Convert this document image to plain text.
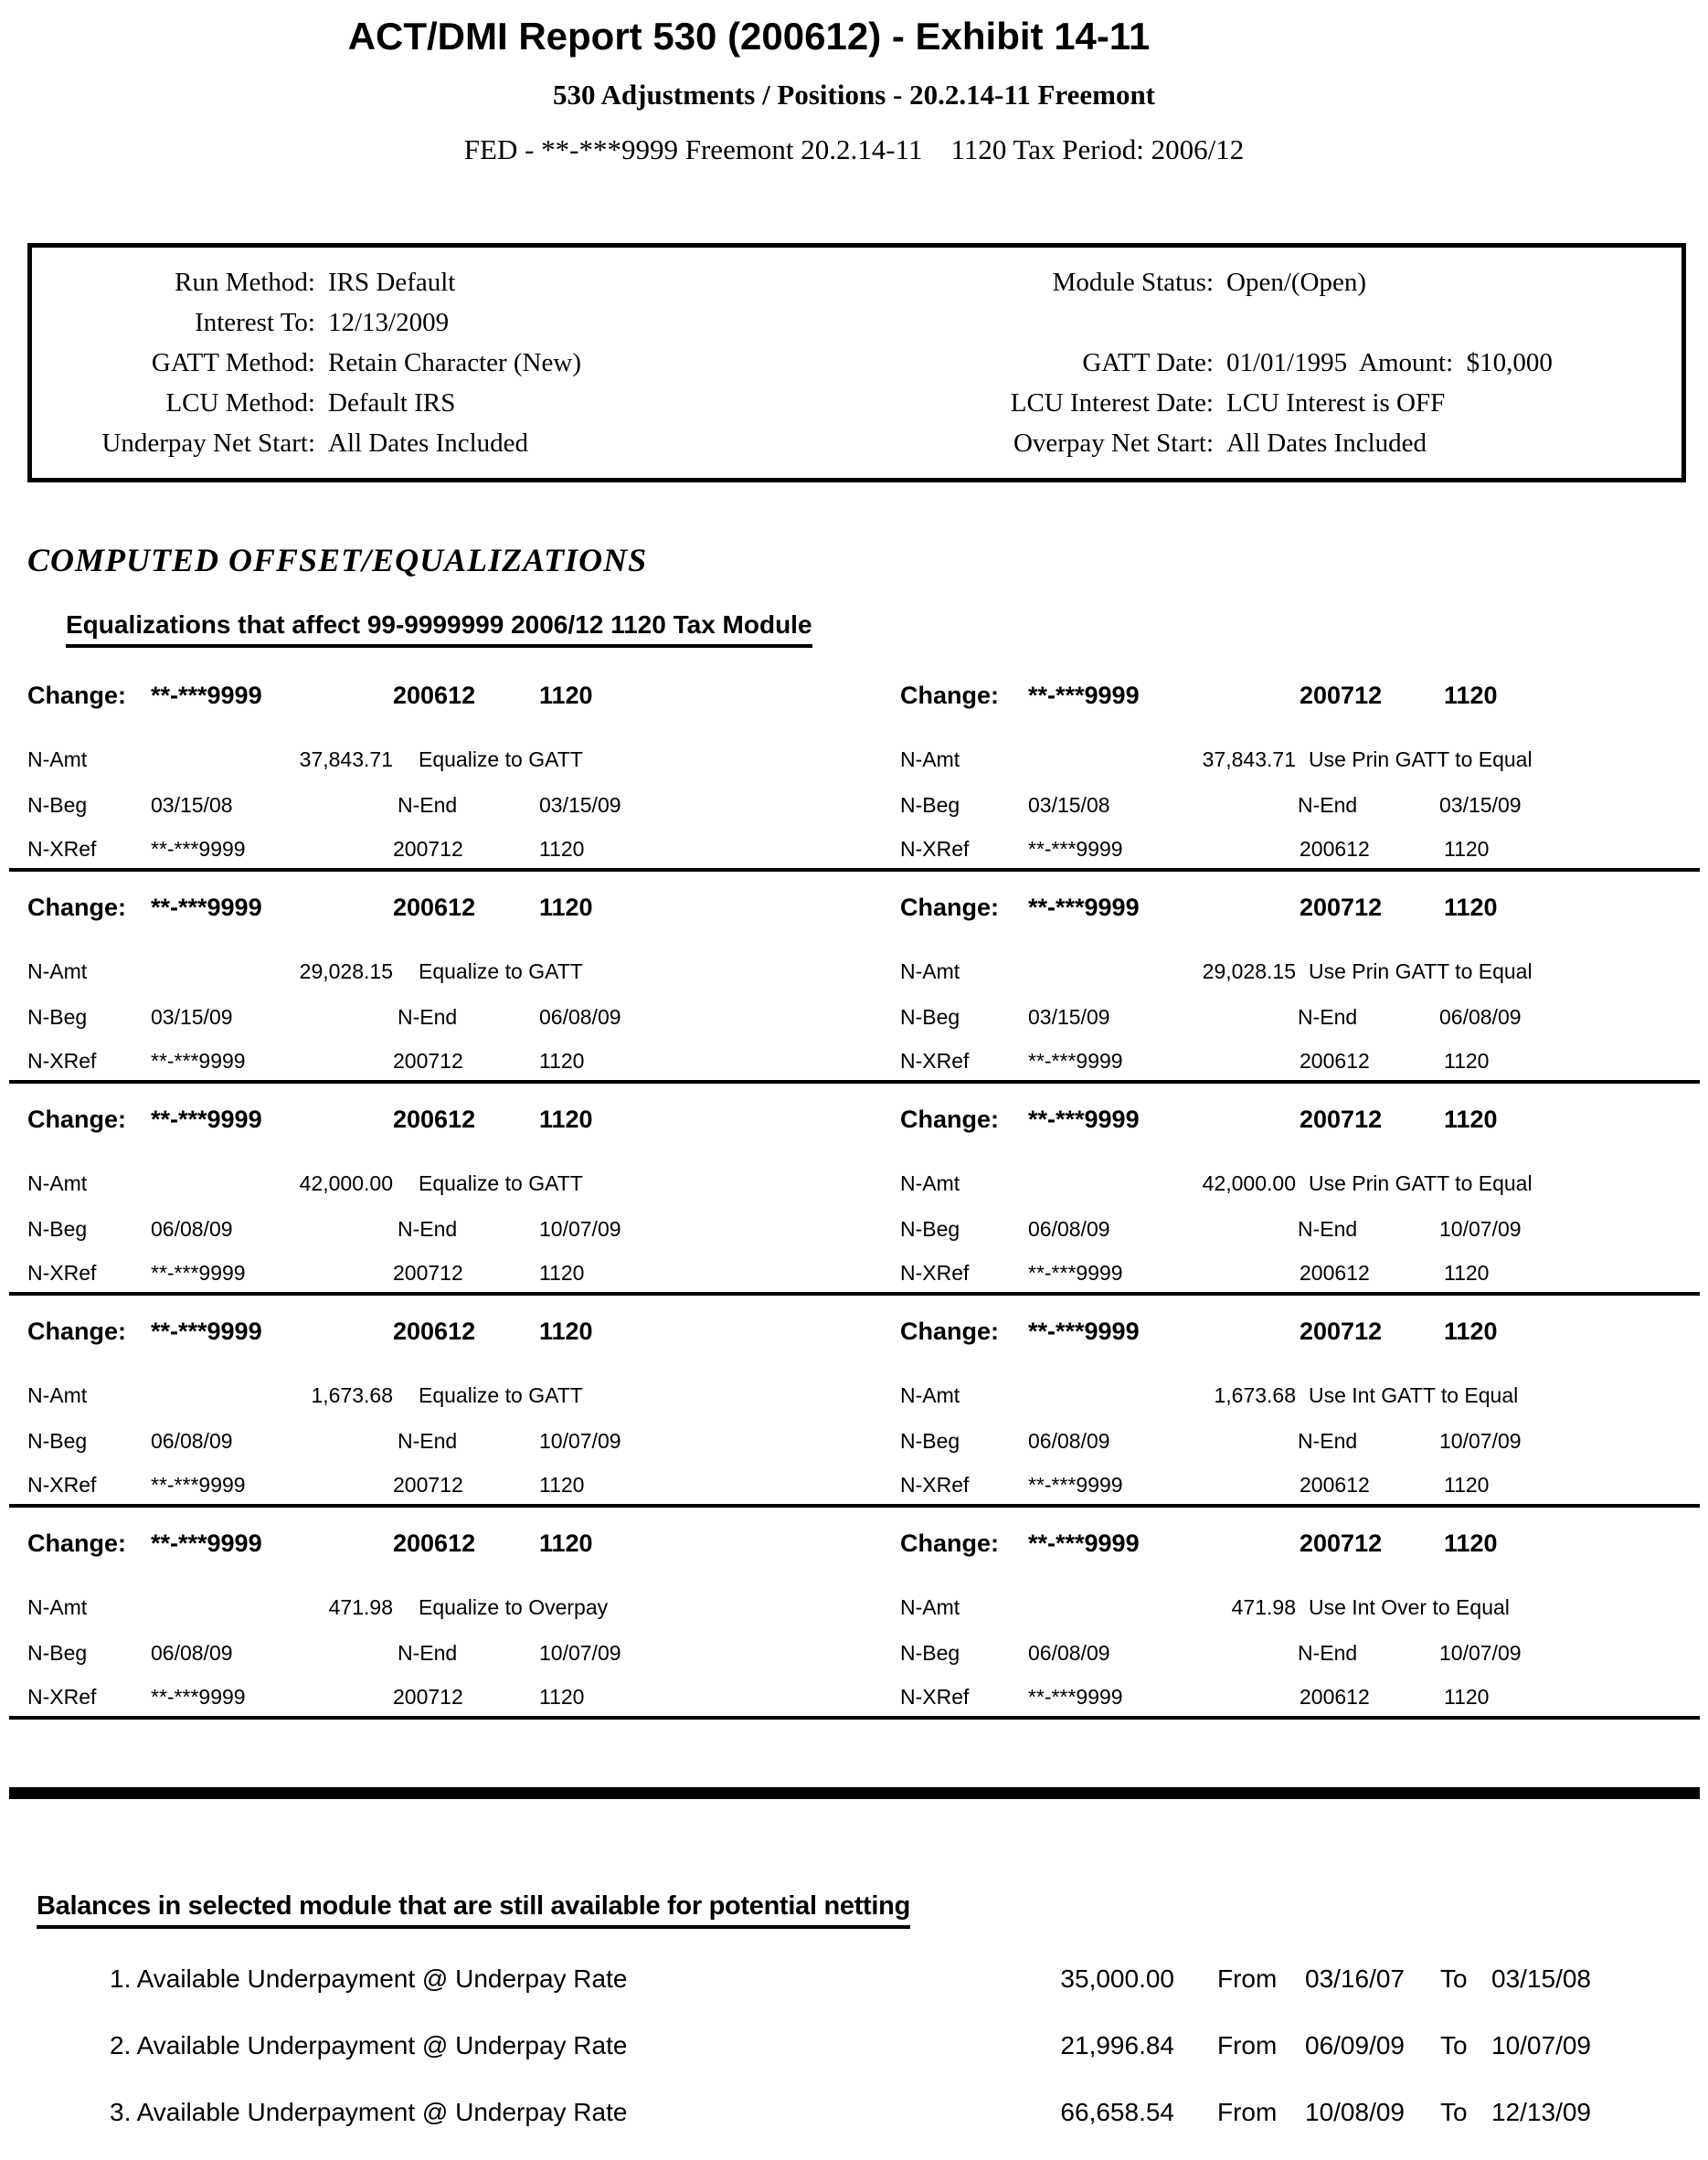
ACT/DMI Report 530 (200612) - Exhibit 14-11
530 Adjustments / Positions - 20.2.14-11 Freemont
FED - **-***9999 Freemont 20.2.14-11    1120 Tax Period: 2006/12
Run Method: IRS Default
Interest To: 12/13/2009
GATT Method: Retain Character (New)
LCU Method: Default IRS
Underpay Net Start: All Dates Included
Module Status: Open/(Open)
GATT Date: 01/01/1995  Amount:  $10,000
LCU Interest Date: LCU Interest is OFF
Overpay Net Start: All Dates Included
COMPUTED OFFSET/EQUALIZATIONS
Equalizations that affect 99-9999999 2006/12 1120 Tax Module
Change: **-***9999	200612	1120
N-Amt	37,843.71 Equalize to GATT
N-Beg	03/15/08	N-End	03/15/09
N-XRef	**-***9999	200712	1120
Change: **-***9999	200712	1120
N-Amt	37,843.71 Use Prin GATT to Equal
N-Beg	03/15/08	N-End	03/15/09
N-XRef	**-***9999	200612	1120
Change: **-***9999	200612	1120
N-Amt	29,028.15 Equalize to GATT
N-Beg	03/15/09	N-End	06/08/09
N-XRef	**-***9999	200712	1120
Change: **-***9999	200712	1120
N-Amt	29,028.15 Use Prin GATT to Equal
N-Beg	03/15/09	N-End	06/08/09
N-XRef	**-***9999	200612	1120
Change: **-***9999	200612	1120
N-Amt	42,000.00 Equalize to GATT
N-Beg	06/08/09	N-End	10/07/09
N-XRef	**-***9999	200712	1120
Change: **-***9999	200712	1120
N-Amt	42,000.00 Use Prin GATT to Equal
N-Beg	06/08/09	N-End	10/07/09
N-XRef	**-***9999	200612	1120
Change: **-***9999	200612	1120
N-Amt	1,673.68 Equalize to GATT
N-Beg	06/08/09	N-End	10/07/09
N-XRef	**-***9999	200712	1120
Change: **-***9999	200712	1120
N-Amt	1,673.68 Use Int GATT to Equal
N-Beg	06/08/09	N-End	10/07/09
N-XRef	**-***9999	200612	1120
Change: **-***9999	200612	1120
N-Amt	471.98 Equalize to Overpay
N-Beg	06/08/09	N-End	10/07/09
N-XRef	**-***9999	200712	1120
Change: **-***9999	200712	1120
N-Amt	471.98 Use Int Over to Equal
N-Beg	06/08/09	N-End	10/07/09
N-XRef	**-***9999	200612	1120
Balances in selected module that are still available for potential netting
1. Available Underpayment @ Underpay Rate	35,000.00 From 03/16/07 To 03/15/08
2. Available Underpayment @ Underpay Rate	21,996.84 From 06/09/09 To 10/07/09
3. Available Underpayment @ Underpay Rate	66,658.54 From 10/08/09 To 12/13/09
